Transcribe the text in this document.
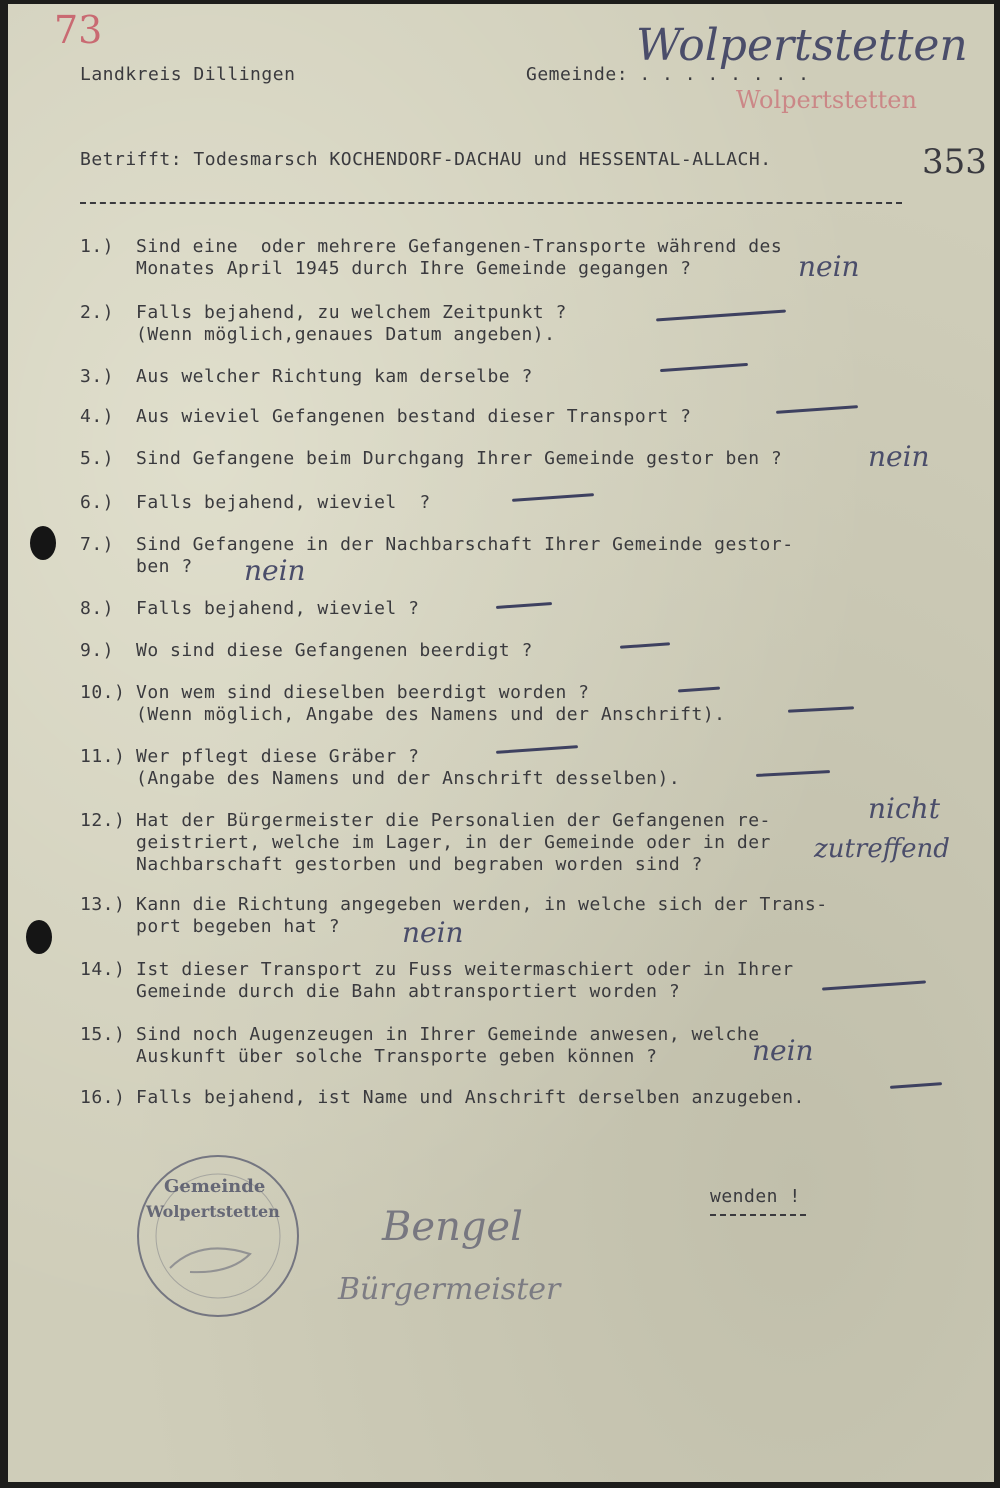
73
Landkreis Dillingen	Gemeinde: . . . . . . . .
Wolpertstetten
Wolpertstetten
Betrifft: Todesmarsch KOCHENDORF-DACHAU und HESSENTAL-ALLACH.	353
1.) Sind eine  oder mehrere Gefangenen-Transporte während des
Monates April 1945 durch Ihre Gemeinde gegangen ?	nein
2.) Falls bejahend, zu welchem Zeitpunkt ?
(Wenn möglich,genaues Datum angeben).
3.) Aus welcher Richtung kam derselbe ?
4.) Aus wieviel Gefangenen bestand dieser Transport ?
5.) Sind Gefangene beim Durchgang Ihrer Gemeinde gestor ben ?	nein
6.) Falls bejahend, wieviel  ?
7.) Sind Gefangene in der Nachbarschaft Ihrer Gemeinde gestor-
ben ? nein
8.) Falls bejahend, wieviel ?
9.) Wo sind diese Gefangenen beerdigt ?
10.) Von wem sind dieselben beerdigt worden ?
(Wenn möglich, Angabe des Namens und der Anschrift).
11.) Wer pflegt diese Gräber ?
(Angabe des Namens und der Anschrift desselben).
12.) Hat der Bürgermeister die Personalien der Gefangenen re-
geistriert, welche im Lager, in der Gemeinde oder in der
Nachbarschaft gestorben und begraben worden sind ?
nicht
zutreffend
13.) Kann die Richtung angegeben werden, in welche sich der Trans-
port begeben hat ? nein
14.) Ist dieser Transport zu Fuss weitermaschiert oder in Ihrer
Gemeinde durch die Bahn abtransportiert worden ?
15.) Sind noch Augenzeugen in Ihrer Gemeinde anwesen, welche
Auskunft über solche Transporte geben können ?	nein
16.) Falls bejahend, ist Name und Anschrift derselben anzugeben.
Gemeinde
Wolpertstetten	Bengel
Bürgermeister
wenden !
